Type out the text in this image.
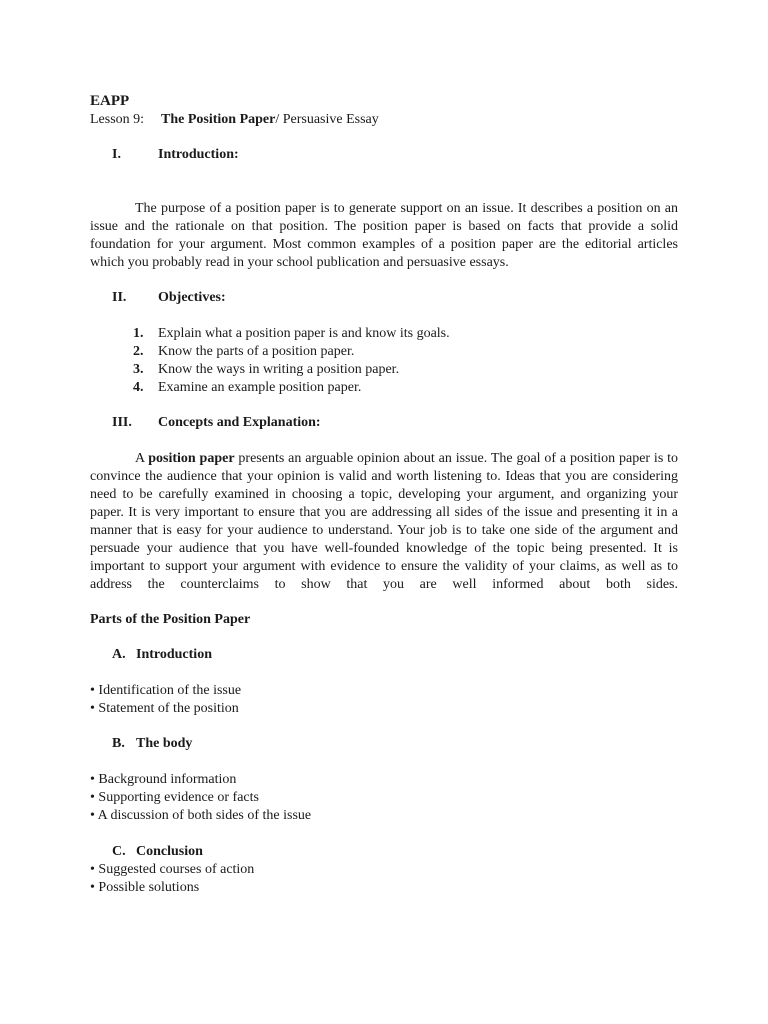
EAPP

Lesson 9: The Position Paper/ Persuasive Essay

I.	Introduction:

The purpose of a position paper is to generate support on an issue. It describes a position on an issue and the rationale on that position. The position paper is based on facts that provide a solid foundation for your argument. Most common examples of a position paper are the editorial articles which you probably read in your school publication and persuasive essays.

II. Objectives:

1. Explain what a position paper is and know its goals.
2. Know the parts of a position paper.
3. Know the ways in writing a position paper.
4. Examine an example position paper.

III. Concepts and Explanation:

A position paper presents an arguable opinion about an issue. The goal of a position paper is to convince the audience that your opinion is valid and worth listening to. Ideas that you are considering need to be carefully examined in choosing a topic, developing your argument, and organizing your paper. It is very important to ensure that you are addressing all sides of the issue and presenting it in a manner that is easy for your audience to understand. Your job is to take one side of the argument and persuade your audience that you have well-founded knowledge of the topic being presented. It is important to support your argument with evidence to ensure the validity of your claims, as well as to address the counterclaims to show that you are well informed about both sides.

Parts of the Position Paper

A. Introduction

• Identification of the issue
• Statement of the position

B. The body

• Background information
• Supporting evidence or facts
• A discussion of both sides of the issue

C. Conclusion

• Suggested courses of action
• Possible solutions
